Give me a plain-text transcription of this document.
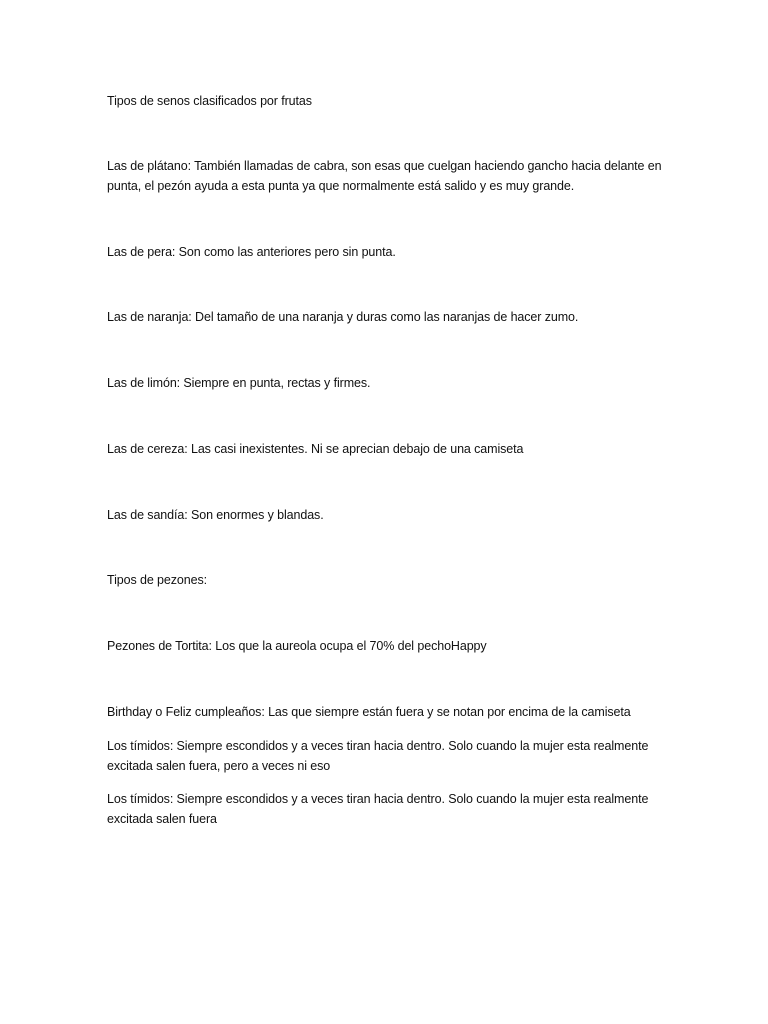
Tipos de senos clasificados por frutas

Las de plátano: También llamadas de cabra, son esas que cuelgan haciendo gancho hacia delante en punta, el pezón ayuda a esta punta ya que normalmente está salido y es muy grande.

Las de pera: Son como las anteriores pero sin punta.

Las de naranja: Del tamaño de una naranja y duras como las naranjas de hacer zumo.

Las de limón: Siempre en punta, rectas y firmes.

Las de cereza: Las casi inexistentes. Ni se aprecian debajo de una camiseta

Las de sandía: Son enormes y blandas.

Tipos de pezones:

Pezones de Tortita: Los que la aureola ocupa el 70% del pechoHappy

Birthday o Feliz cumpleaños: Las que siempre están fuera y se notan por encima de la camiseta

Los tímidos: Siempre escondidos y a veces tiran hacia dentro. Solo cuando la mujer esta realmente excitada salen fuera, pero a veces ni eso

Los tímidos: Siempre escondidos y a veces tiran hacia dentro. Solo cuando la mujer esta realmente excitada salen fuera
